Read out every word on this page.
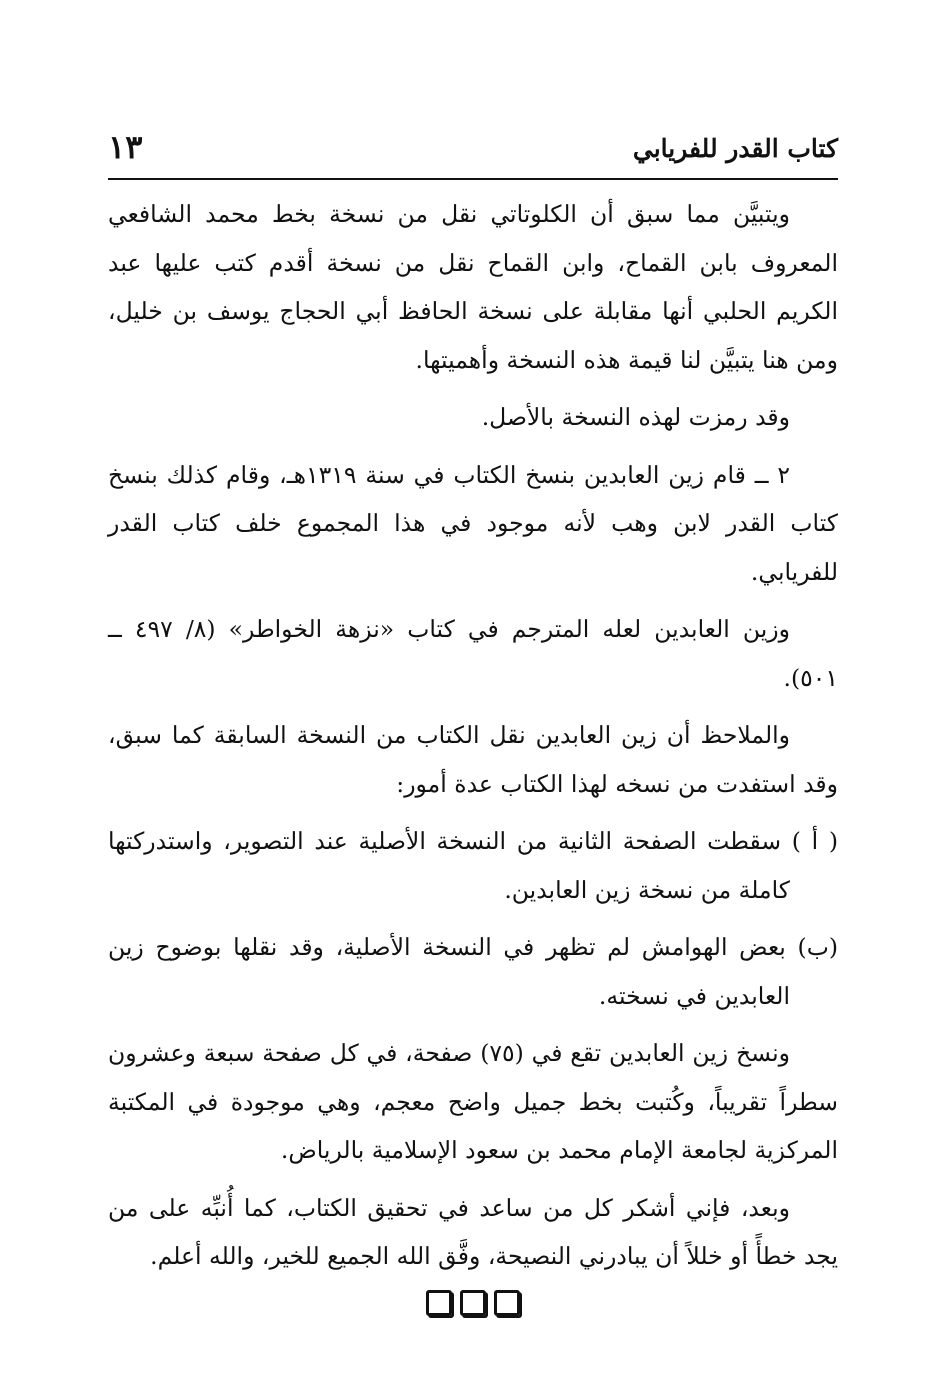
كتاب القدر للفريابي
١٣

ويتبيَّن مما سبق أن الكلوتاتي نقل من نسخة بخط محمد الشافعي المعروف بابن القماح، وابن القماح نقل من نسخة أقدم كتب عليها عبد الكريم الحلبي أنها مقابلة على نسخة الحافظ أبي الحجاج يوسف بن خليل، ومن هنا يتبيَّن لنا قيمة هذه النسخة وأهميتها.

وقد رمزت لهذه النسخة بالأصل.

٢ ــ قام زين العابدين بنسخ الكتاب في سنة ١٣١٩هـ، وقام كذلك بنسخ كتاب القدر لابن وهب لأنه موجود في هذا المجموع خلف كتاب القدر للفريابي.

وزين العابدين لعله المترجم في كتاب «نزهة الخواطر» (٨/ ٤٩٧ ــ ٥٠١).

والملاحظ أن زين العابدين نقل الكتاب من النسخة السابقة كما سبق، وقد استفدت من نسخه لهذا الكتاب عدة أمور:

( أ ) سقطت الصفحة الثانية من النسخة الأصلية عند التصوير، واستدركتها كاملة من نسخة زين العابدين.

(ب) بعض الهوامش لم تظهر في النسخة الأصلية، وقد نقلها بوضوح زين العابدين في نسخته.

ونسخ زين العابدين تقع في (٧٥) صفحة، في كل صفحة سبعة وعشرون سطراً تقريباً، وكُتبت بخط جميل واضح معجم، وهي موجودة في المكتبة المركزية لجامعة الإمام محمد بن سعود الإسلامية بالرياض.

وبعد، فإني أشكر كل من ساعد في تحقيق الكتاب، كما أُنبِّه على من يجد خطأً أو خللاً أن يبادرني النصيحة، وفَّق الله الجميع للخير، والله أعلم.
